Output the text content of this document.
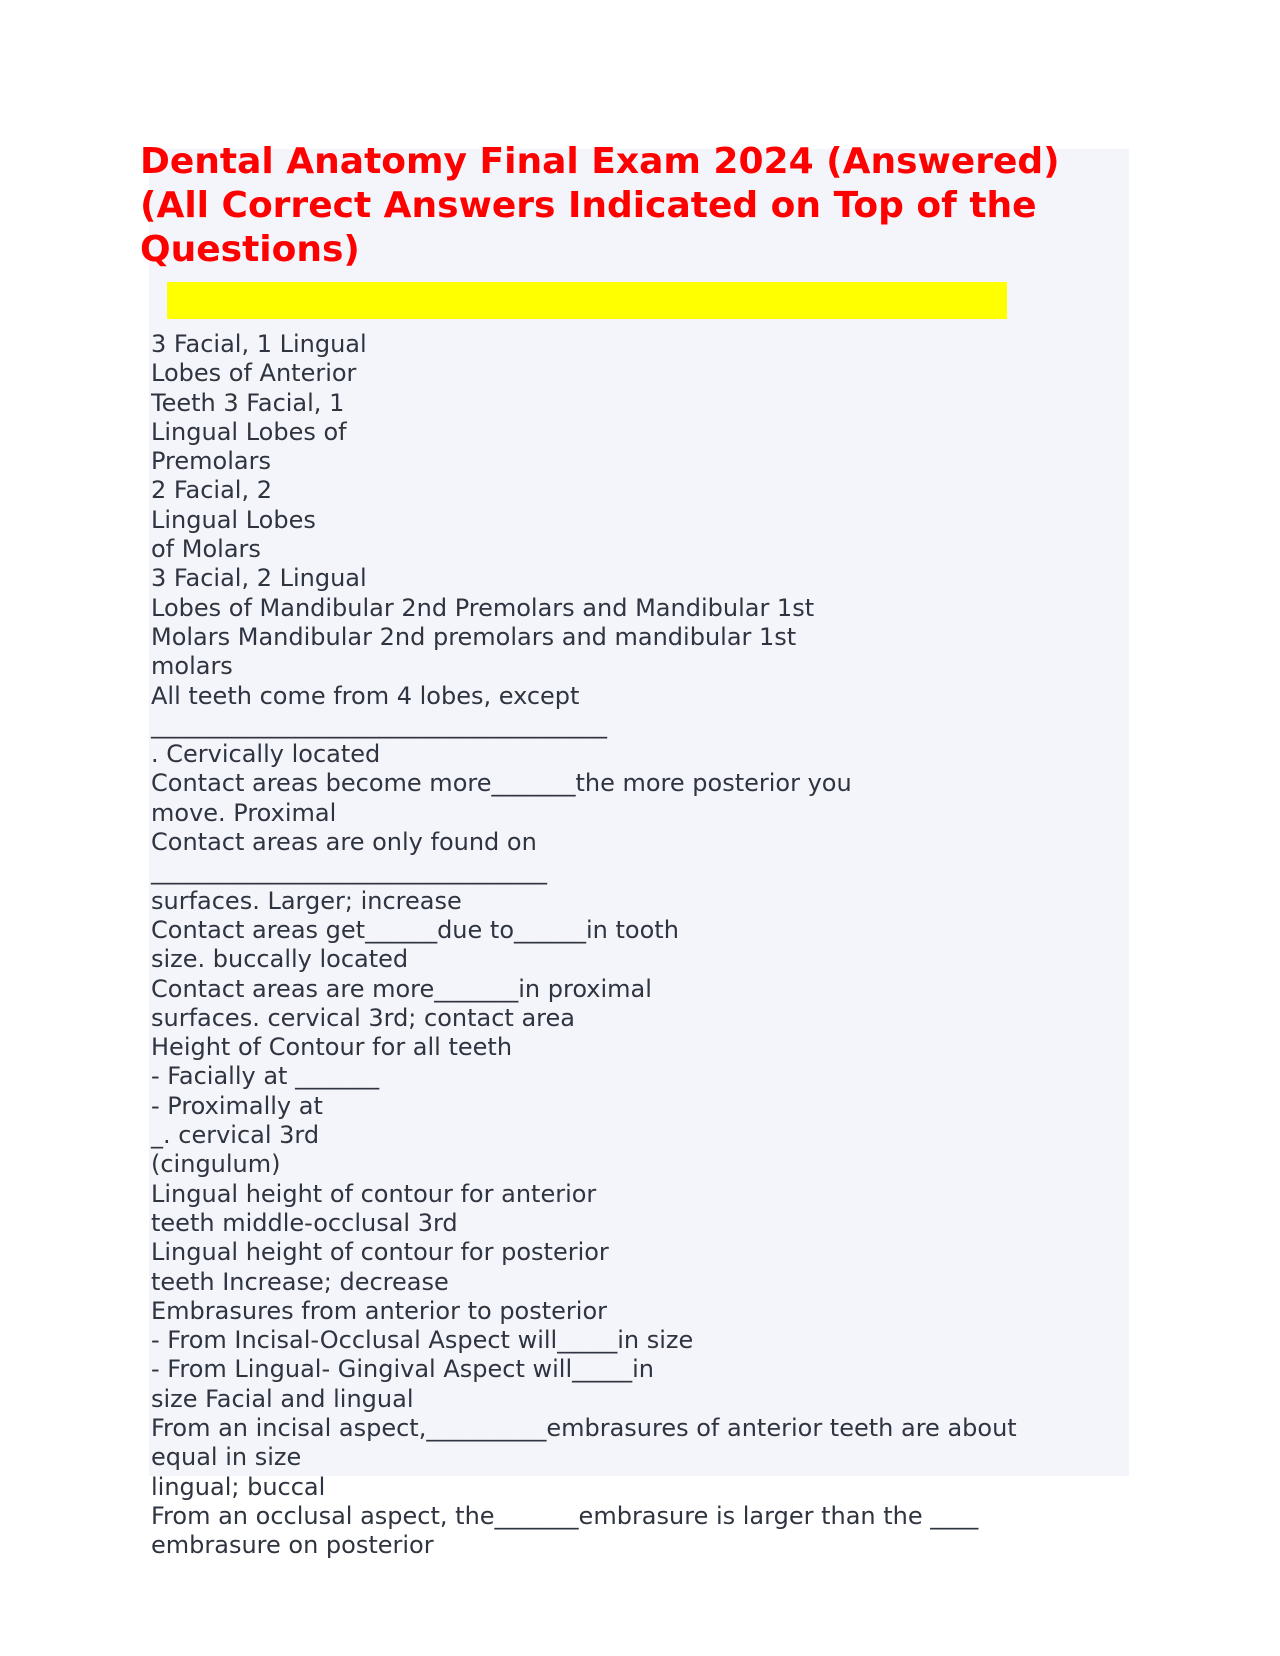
Dental Anatomy Final Exam 2024 (Answered) (All Correct Answers Indicated on Top of the Questions)
3 Facial, 1 Lingual
Lobes of Anterior
Teeth 3 Facial, 1
Lingual Lobes of
Premolars
2 Facial, 2
Lingual Lobes
of Molars
3 Facial, 2 Lingual
Lobes of Mandibular 2nd Premolars and Mandibular 1st
Molars Mandibular 2nd premolars and mandibular 1st
molars
All teeth come from 4 lobes, except
______________________________________
. Cervically located
Contact areas become more_______the more posterior you
move. Proximal
Contact areas are only found on
_________________________________
surfaces. Larger; increase
Contact areas get______due to______in tooth
size. buccally located
Contact areas are more_______in proximal
surfaces. cervical 3rd; contact area
Height of Contour for all teeth
- Facially at _______
- Proximally at
_. cervical 3rd
(cingulum)
Lingual height of contour for anterior
teeth middle-occlusal 3rd
Lingual height of contour for posterior
teeth Increase; decrease
Embrasures from anterior to posterior
- From Incisal-Occlusal Aspect will_____in size
- From Lingual- Gingival Aspect will_____in
size Facial and lingual
From an incisal aspect,__________embrasures of anterior teeth are about
equal in size
lingual; buccal
From an occlusal aspect, the_______embrasure is larger than the ____
embrasure on posterior
